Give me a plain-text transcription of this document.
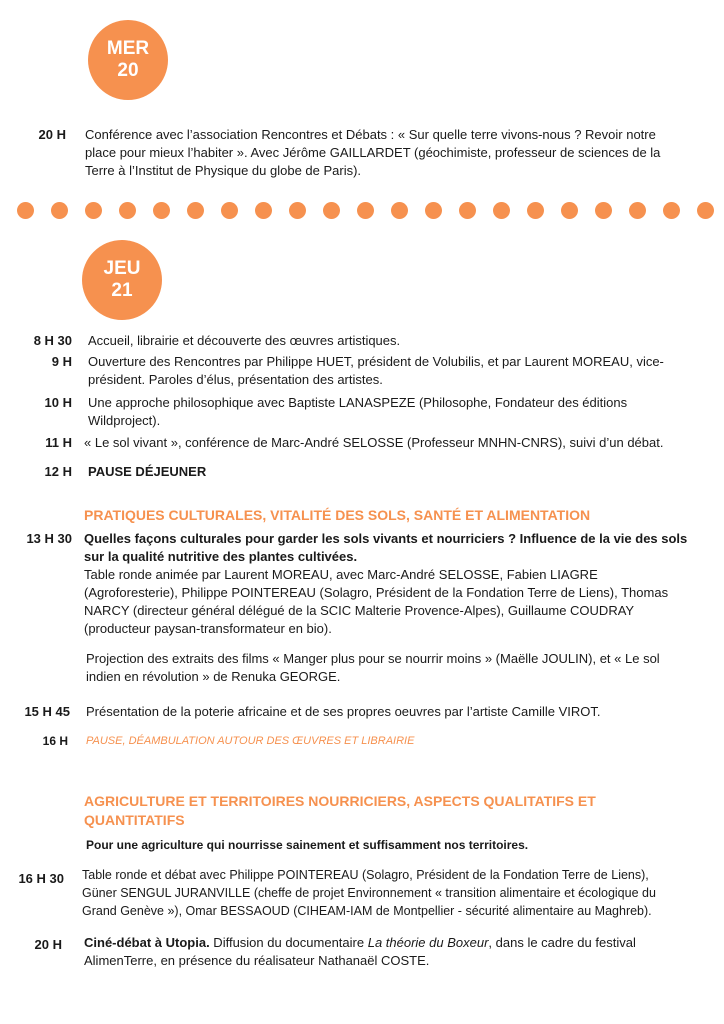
MER
20
20 H Conférence avec l’association Rencontres et Débats : « Sur quelle terre vivons-nous ? Revoir notre place pour mieux l’habiter ». Avec Jérôme GAILLARDET (géochimiste, professeur de sciences de la Terre à l’Institut de Physique du globe de Paris).
JEU
21
8 H 30 Accueil, librairie et découverte des œuvres artistiques.
9 H Ouverture des Rencontres par Philippe HUET, président de Volubilis, et par Laurent MOREAU, vice-président. Paroles d’élus, présentation des artistes.
10 H Une approche philosophique avec Baptiste LANASPEZE (Philosophe, Fondateur des éditions Wildproject).
11 H « Le sol vivant », conférence de Marc-André SELOSSE (Professeur MNHN-CNRS), suivi d’un débat.
12 H PAUSE DÉJEUNER
PRATIQUES CULTURALES, VITALITÉ DES SOLS, SANTÉ ET ALIMENTATION
13 H 30 Quelles façons culturales pour garder les sols vivants et nourriciers ? Influence de la vie des sols sur la qualité nutritive des plantes cultivées.
Table ronde animée par Laurent MOREAU, avec Marc-André SELOSSE, Fabien LIAGRE (Agroforesterie), Philippe POINTEREAU (Solagro, Président de la Fondation Terre de Liens), Thomas NARCY (directeur général délégué de la SCIC Malterie Provence-Alpes), Guillaume COUDRAY (producteur paysan-transformateur en bio).
Projection des extraits des films « Manger plus pour se nourrir moins » (Maëlle JOULIN), et « Le sol indien en révolution » de Renuka GEORGE.
15 H 45 Présentation de la poterie africaine et de ses propres oeuvres par l’artiste Camille VIROT.
16 H PAUSE, DÉAMBULATION AUTOUR DES ŒUVRES ET LIBRAIRIE
AGRICULTURE ET TERRITOIRES NOURRICIERS, ASPECTS QUALITATIFS ET QUANTITATIFS
Pour une agriculture qui nourrisse sainement et suffisamment nos territoires.
16 H 30 Table ronde et débat avec Philippe POINTEREAU (Solagro, Président de la Fondation Terre de Liens), Güner SENGUL JURANVILLE (cheffe de projet Environnement « transition alimentaire et écologique du Grand Genève »), Omar BESSAOUD (CIHEAM-IAM de Montpellier - sécurité alimentaire au Maghreb).
20 H Ciné-débat à Utopia. Diffusion du documentaire La théorie du Boxeur, dans le cadre du festival AlimenTerre, en présence du réalisateur Nathanaël COSTE.
